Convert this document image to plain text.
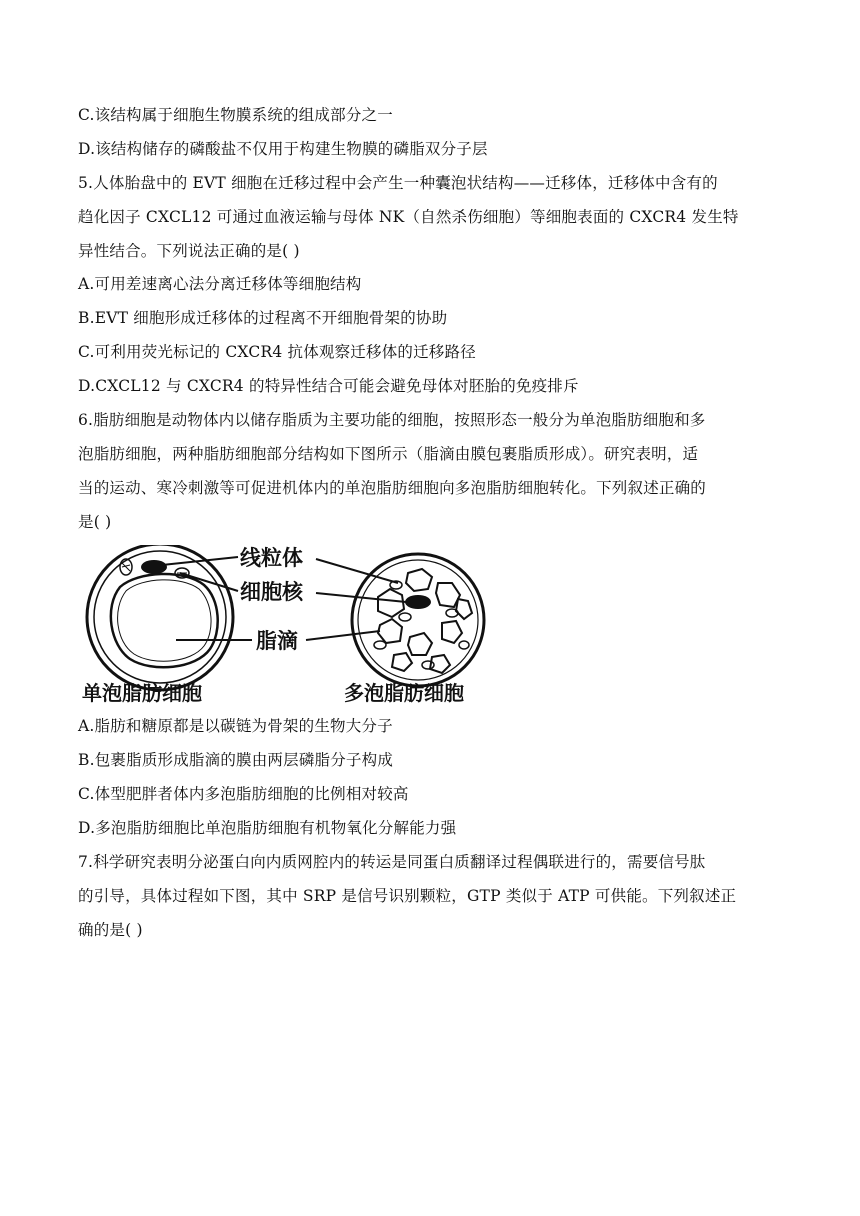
C.该结构属于细胞生物膜系统的组成部分之一
D.该结构储存的磷酸盐不仅用于构建生物膜的磷脂双分子层
5.人体胎盘中的 EVT 细胞在迁移过程中会产生一种囊泡状结构——迁移体，迁移体中含有的
趋化因子 CXCL12 可通过血液运输与母体 NK（自然杀伤细胞）等细胞表面的 CXCR4 发生特
异性结合。下列说法正确的是( )
A.可用差速离心法分离迁移体等细胞结构
B.EVT 细胞形成迁移体的过程离不开细胞骨架的协助
C.可利用荧光标记的 CXCR4 抗体观察迁移体的迁移路径
D.CXCL12 与 CXCR4 的特异性结合可能会避免母体对胚胎的免疫排斥
6.脂肪细胞是动物体内以储存脂质为主要功能的细胞，按照形态一般分为单泡脂肪细胞和多
泡脂肪细胞，两种脂肪细胞部分结构如下图所示（脂滴由膜包裹脂质形成）。研究表明，适
当的运动、寒冷刺激等可促进机体内的单泡脂肪细胞向多泡脂肪细胞转化。下列叙述正确的
是( )
线粒体
细胞核
脂滴
单泡脂肪细胞	多泡脂肪细胞
A.脂肪和糖原都是以碳链为骨架的生物大分子
B.包裹脂质形成脂滴的膜由两层磷脂分子构成
C.体型肥胖者体内多泡脂肪细胞的比例相对较高
D.多泡脂肪细胞比单泡脂肪细胞有机物氧化分解能力强
7.科学研究表明分泌蛋白向内质网腔内的转运是同蛋白质翻译过程偶联进行的，需要信号肽
的引导，具体过程如下图，其中 SRP 是信号识别颗粒，GTP 类似于 ATP 可供能。下列叙述正
确的是( )
